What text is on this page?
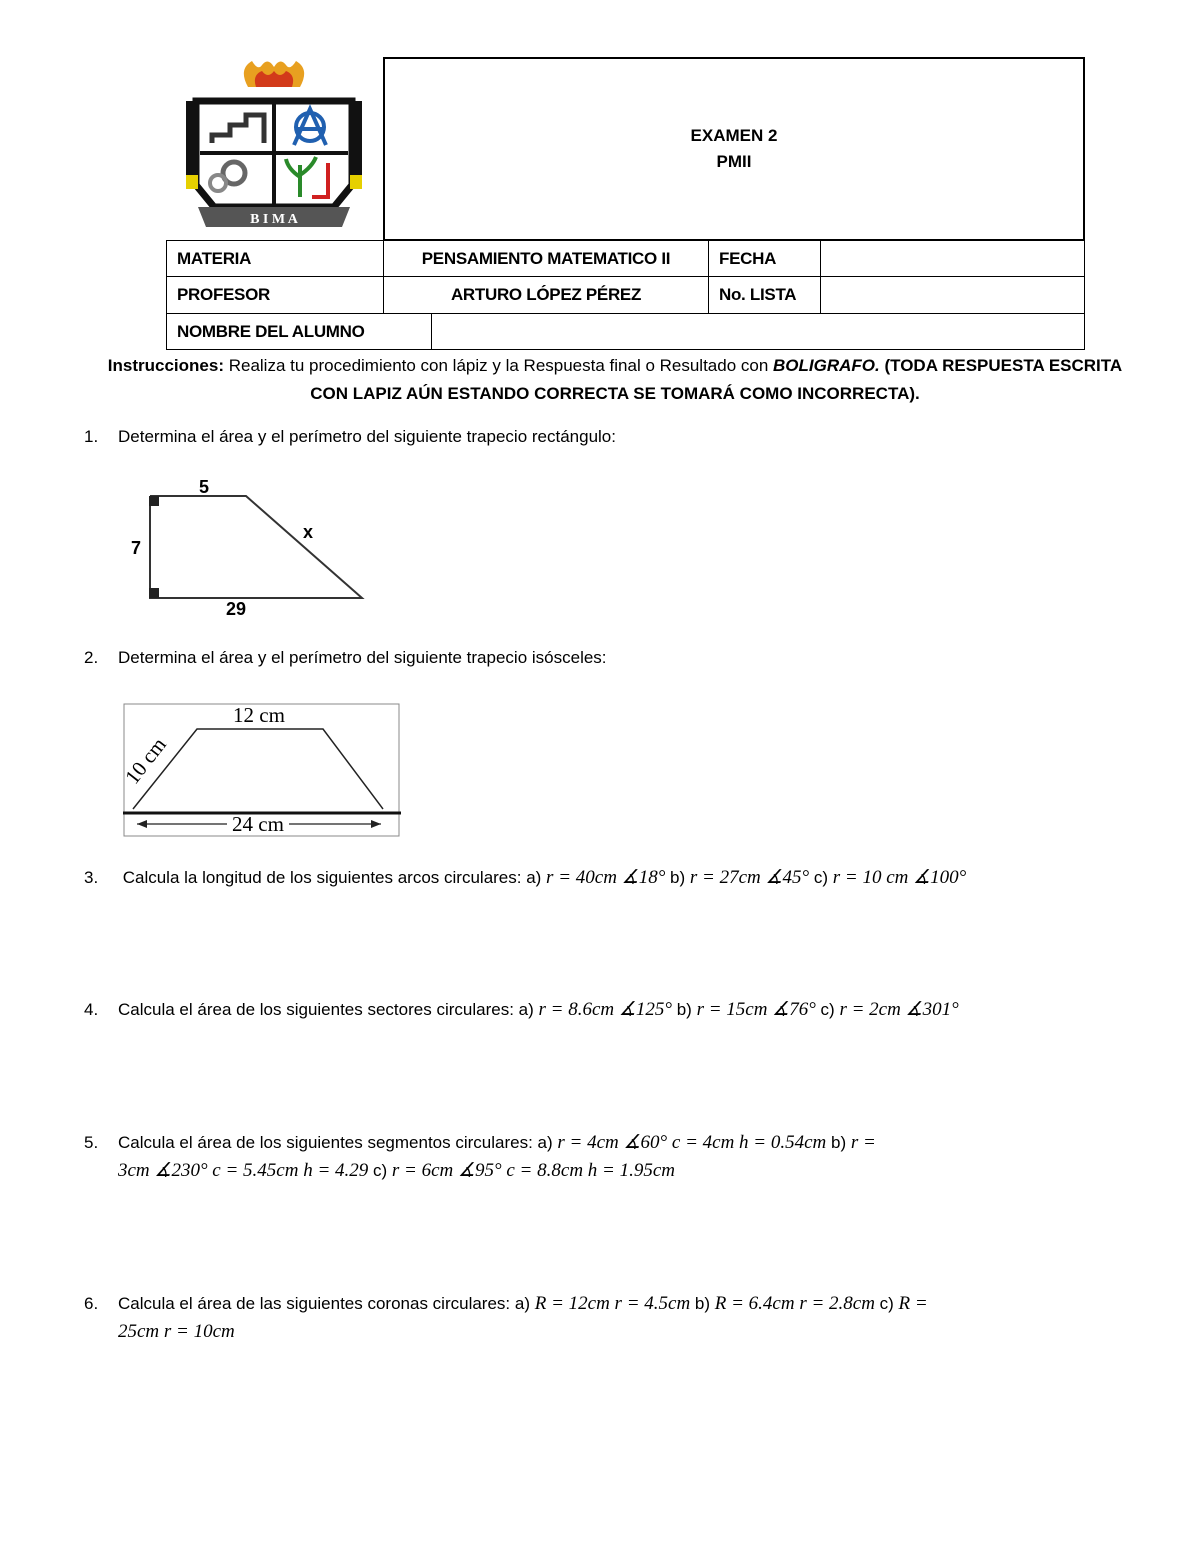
B I M A
EXAMEN 2
PMII
MATERIA	PENSAMIENTO MATEMATICO II	FECHA
PROFESOR	ARTURO LÓPEZ PÉREZ	No. LISTA
NOMBRE DEL ALUMNO
Instrucciones: Realiza tu procedimiento con lápiz y la Respuesta final o Resultado con BOLIGRAFO. (TODA RESPUESTA ESCRITA CON LAPIZ AÚN ESTANDO CORRECTA SE TOMARÁ COMO INCORRECTA).
1. Determina el área y el perímetro del siguiente trapecio rectángulo:
5
7
x
29
2. Determina el área y el perímetro del siguiente trapecio isósceles:
12 cm
10 cm
24 cm
3. Calcula la longitud de los siguientes arcos circulares: a) r = 40cm ∡18° b) r = 27cm ∡45° c) r = 10 cm ∡100°
4. Calcula el área de los siguientes sectores circulares: a) r = 8.6cm ∡125° b) r = 15cm ∡76° c) r = 2cm ∡301°
5. Calcula el área de los siguientes segmentos circulares: a) r = 4cm ∡60° c = 4cm h = 0.54cm b) r =
3cm ∡230° c = 5.45cm h = 4.29 c) r = 6cm ∡95° c = 8.8cm h = 1.95cm
6. Calcula el área de las siguientes coronas circulares: a) R = 12cm r = 4.5cm b) R = 6.4cm r = 2.8cm c) R =
25cm r = 10cm
